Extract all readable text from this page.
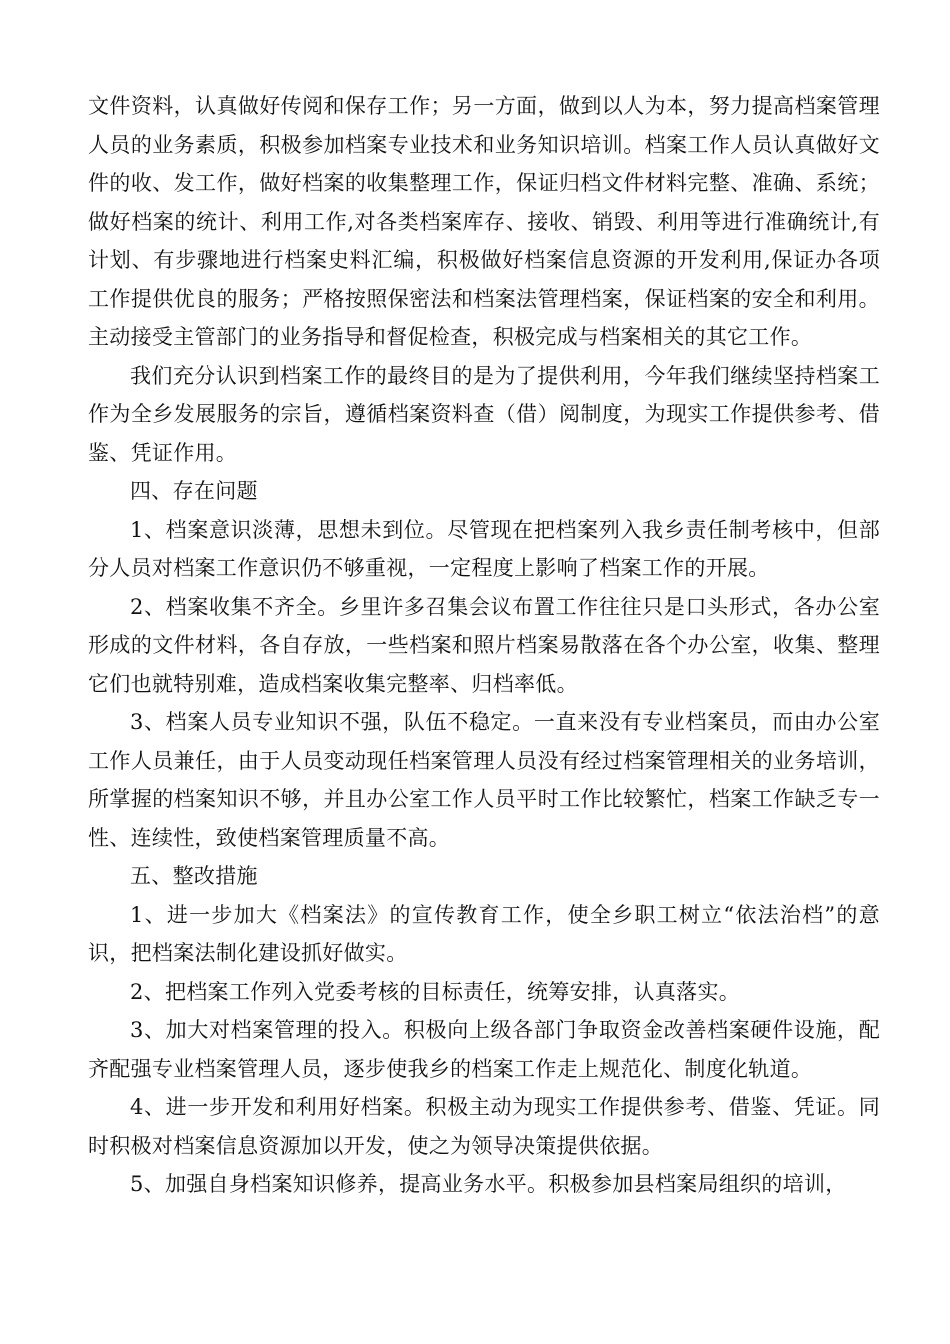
文件资料，认真做好传阅和保存工作；另一方面，做到以人为本，努力提高档案管理人员的业务素质，积极参加档案专业技术和业务知识培训。档案工作人员认真做好文件的收、发工作，做好档案的收集整理工作，保证归档文件材料完整、准确、系统；做好档案的统计、利用工作,对各类档案库存、接收、销毁、利用等进行准确统计,有计划、有步骤地进行档案史料汇编，积极做好档案信息资源的开发利用,保证办各项工作提供优良的服务；严格按照保密法和档案法管理档案，保证档案的安全和利用。主动接受主管部门的业务指导和督促检查，积极完成与档案相关的其它工作。

我们充分认识到档案工作的最终目的是为了提供利用，今年我们继续坚持档案工作为全乡发展服务的宗旨，遵循档案资料查（借）阅制度，为现实工作提供参考、借鉴、凭证作用。

四、存在问题

1、档案意识淡薄，思想未到位。尽管现在把档案列入我乡责任制考核中，但部分人员对档案工作意识仍不够重视，一定程度上影响了档案工作的开展。

2、档案收集不齐全。乡里许多召集会议布置工作往往只是口头形式，各办公室形成的文件材料，各自存放，一些档案和照片档案易散落在各个办公室，收集、整理它们也就特别难，造成档案收集完整率、归档率低。

3、档案人员专业知识不强，队伍不稳定。一直来没有专业档案员，而由办公室工作人员兼任，由于人员变动现任档案管理人员没有经过档案管理相关的业务培训，所掌握的档案知识不够，并且办公室工作人员平时工作比较繁忙，档案工作缺乏专一性、连续性，致使档案管理质量不高。

五、整改措施

1、进一步加大《档案法》的宣传教育工作，使全乡职工树立“依法治档”的意识，把档案法制化建设抓好做实。

2、把档案工作列入党委考核的目标责任，统筹安排，认真落实。

3、加大对档案管理的投入。积极向上级各部门争取资金改善档案硬件设施，配齐配强专业档案管理人员，逐步使我乡的档案工作走上规范化、制度化轨道。

4、进一步开发和利用好档案。积极主动为现实工作提供参考、借鉴、凭证。同时积极对档案信息资源加以开发，使之为领导决策提供依据。

5、加强自身档案知识修养，提高业务水平。积极参加县档案局组织的培训，
